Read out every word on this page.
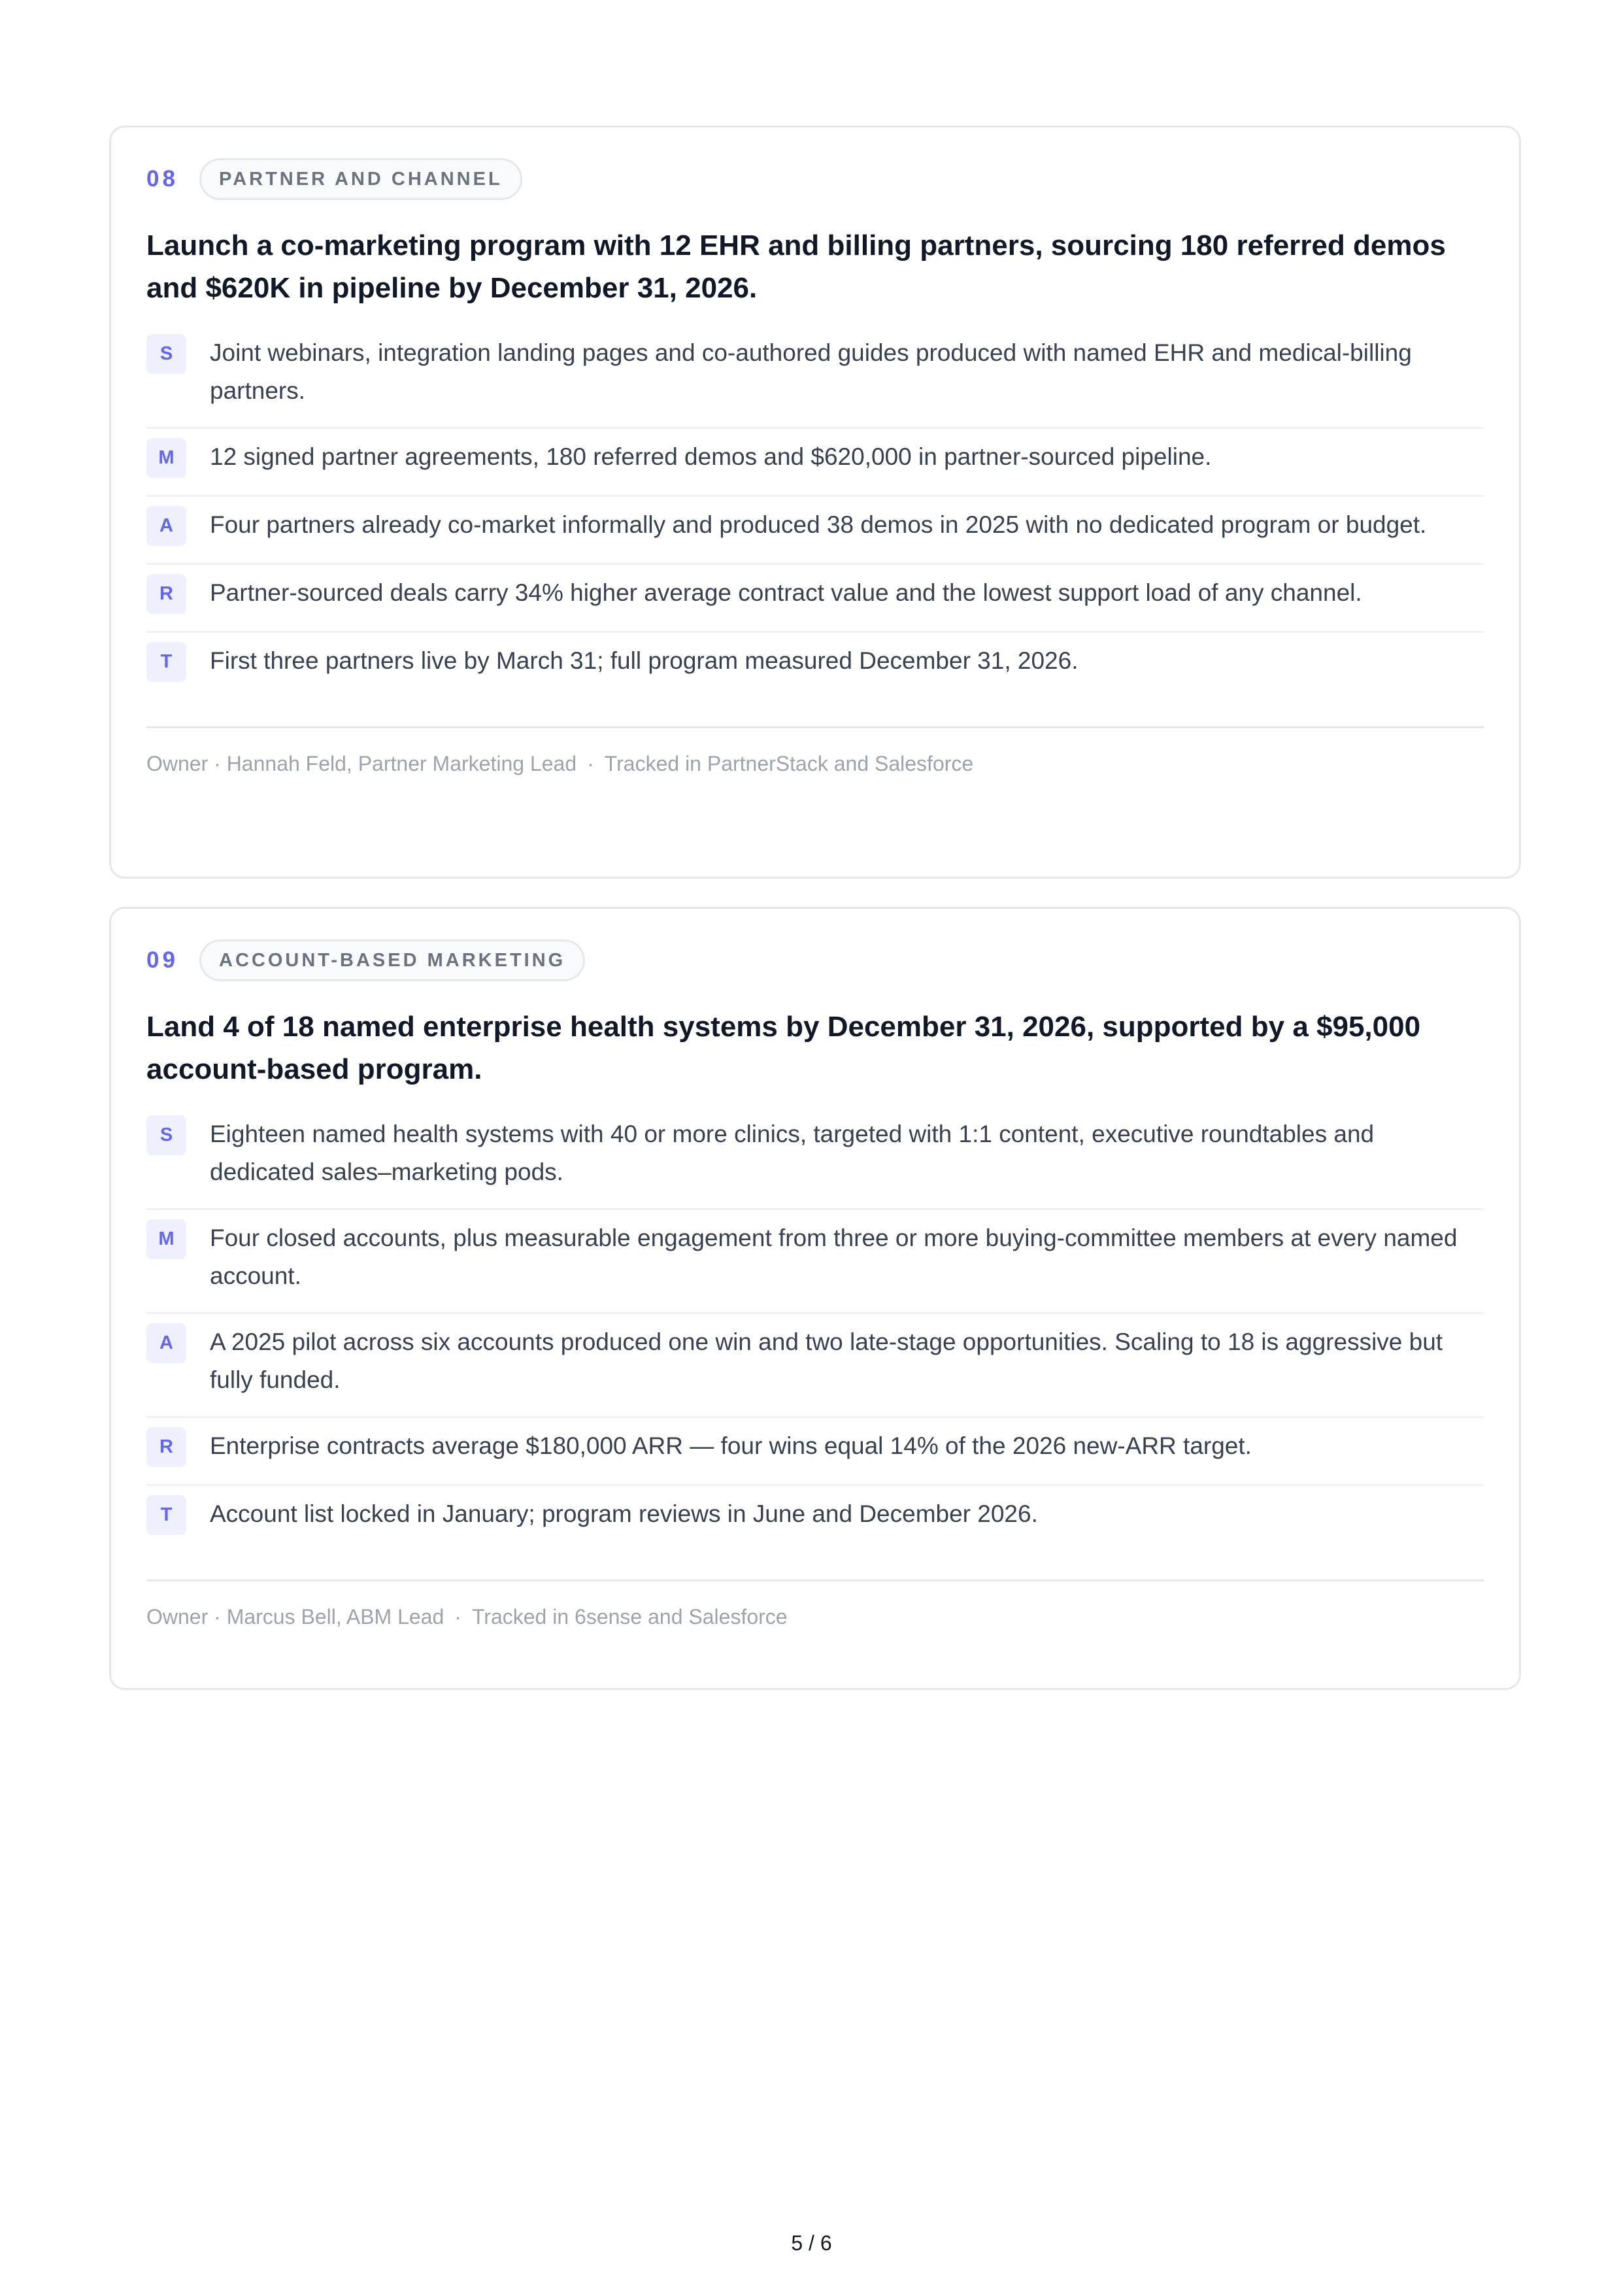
08	PARTNER AND CHANNEL
Launch a co-marketing program with 12 EHR and billing partners, sourcing 180 referred demos and $620K in pipeline by December 31, 2026.
S	Joint webinars, integration landing pages and co-authored guides produced with named EHR and medical-billing partners.
M	12 signed partner agreements, 180 referred demos and $620,000 in partner-sourced pipeline.
A	Four partners already co-market informally and produced 38 demos in 2025 with no dedicated program or budget.
R	Partner-sourced deals carry 34% higher average contract value and the lowest support load of any channel.
T	First three partners live by March 31; full program measured December 31, 2026.
Owner · Hannah Feld, Partner Marketing Lead · Tracked in PartnerStack and Salesforce
09	ACCOUNT-BASED MARKETING
Land 4 of 18 named enterprise health systems by December 31, 2026, supported by a $95,000 account-based program.
S	Eighteen named health systems with 40 or more clinics, targeted with 1:1 content, executive roundtables and dedicated sales–marketing pods.
M	Four closed accounts, plus measurable engagement from three or more buying-committee members at every named account.
A	A 2025 pilot across six accounts produced one win and two late-stage opportunities. Scaling to 18 is aggressive but fully funded.
R	Enterprise contracts average $180,000 ARR — four wins equal 14% of the 2026 new-ARR target.
T	Account list locked in January; program reviews in June and December 2026.
Owner · Marcus Bell, ABM Lead · Tracked in 6sense and Salesforce
5 / 6
